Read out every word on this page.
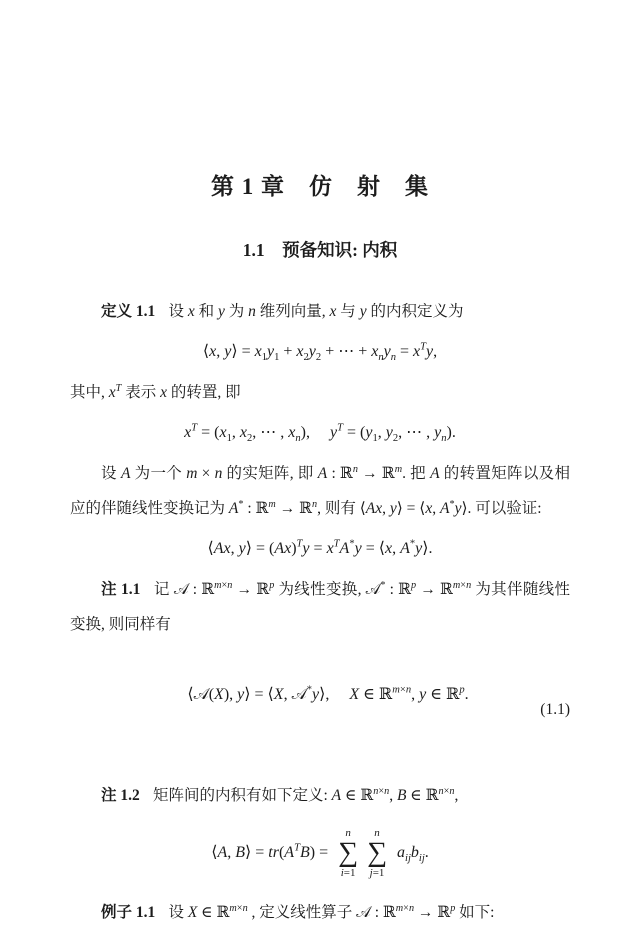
第 1 章　仿　射　集
1.1　预备知识: 内积

定义 1.1 设 x 和 y 为 n 维列向量, x 与 y 的内积定义为

⟨x, y⟩ = $x_1y_1 + x_2y_2$ + ⋯ + $x_ny_n = x^Ty$,

其中, $x^T$ 表示 x 的转置, 即

$x^T = (x_1$, $x_2$, ⋯ , $x_n$),　 $y^T = (y_1$, $y_2$, ⋯ , $y_n$).

设 A 为一个 m × n 的实矩阵, 即 A : ℝ$^n$ → ℝ$^m$. 把 A 的转置矩阵以及相应的伴随线性变换记为 A* : ℝ$^m$ → ℝ$^n$, 则有 ⟨Ax, y⟩ = ⟨x, A*y⟩. 可以验证:

⟨Ax, y⟩ = $(Ax)^Ty = x^TA^*y$ = ⟨x, A*y⟩.

注 1.1 记 𝒜 : ℝ$^{m\times n}$ → ℝ$^p$ 为线性变换, 𝒜* : ℝ$^p$ → ℝ$^{m\times n}$ 为其伴随线性变换, 则同样有

⟨𝒜(X), y⟩ = ⟨X, 𝒜*y⟩,　 X ∈ ℝ$^{m\times n}$, y ∈ ℝ$^p$.

(1.1)

注 1.2 矩阵间的内积有如下定义: A ∈ ℝ$^{n\times n}$, B ∈ ℝ$^{n\times n}$,

⟨A, B⟩ = $tr(A^TB)$ =
n
∑
i=1
n
∑
j=1
$a_{ij}b_{ij}$.

例子 1.1 设 X ∈ ℝ$^{m\times n}$ , 定义线性算子 𝒜 : ℝ$^{m\times n}$ → ℝ$^p$ 如下:
